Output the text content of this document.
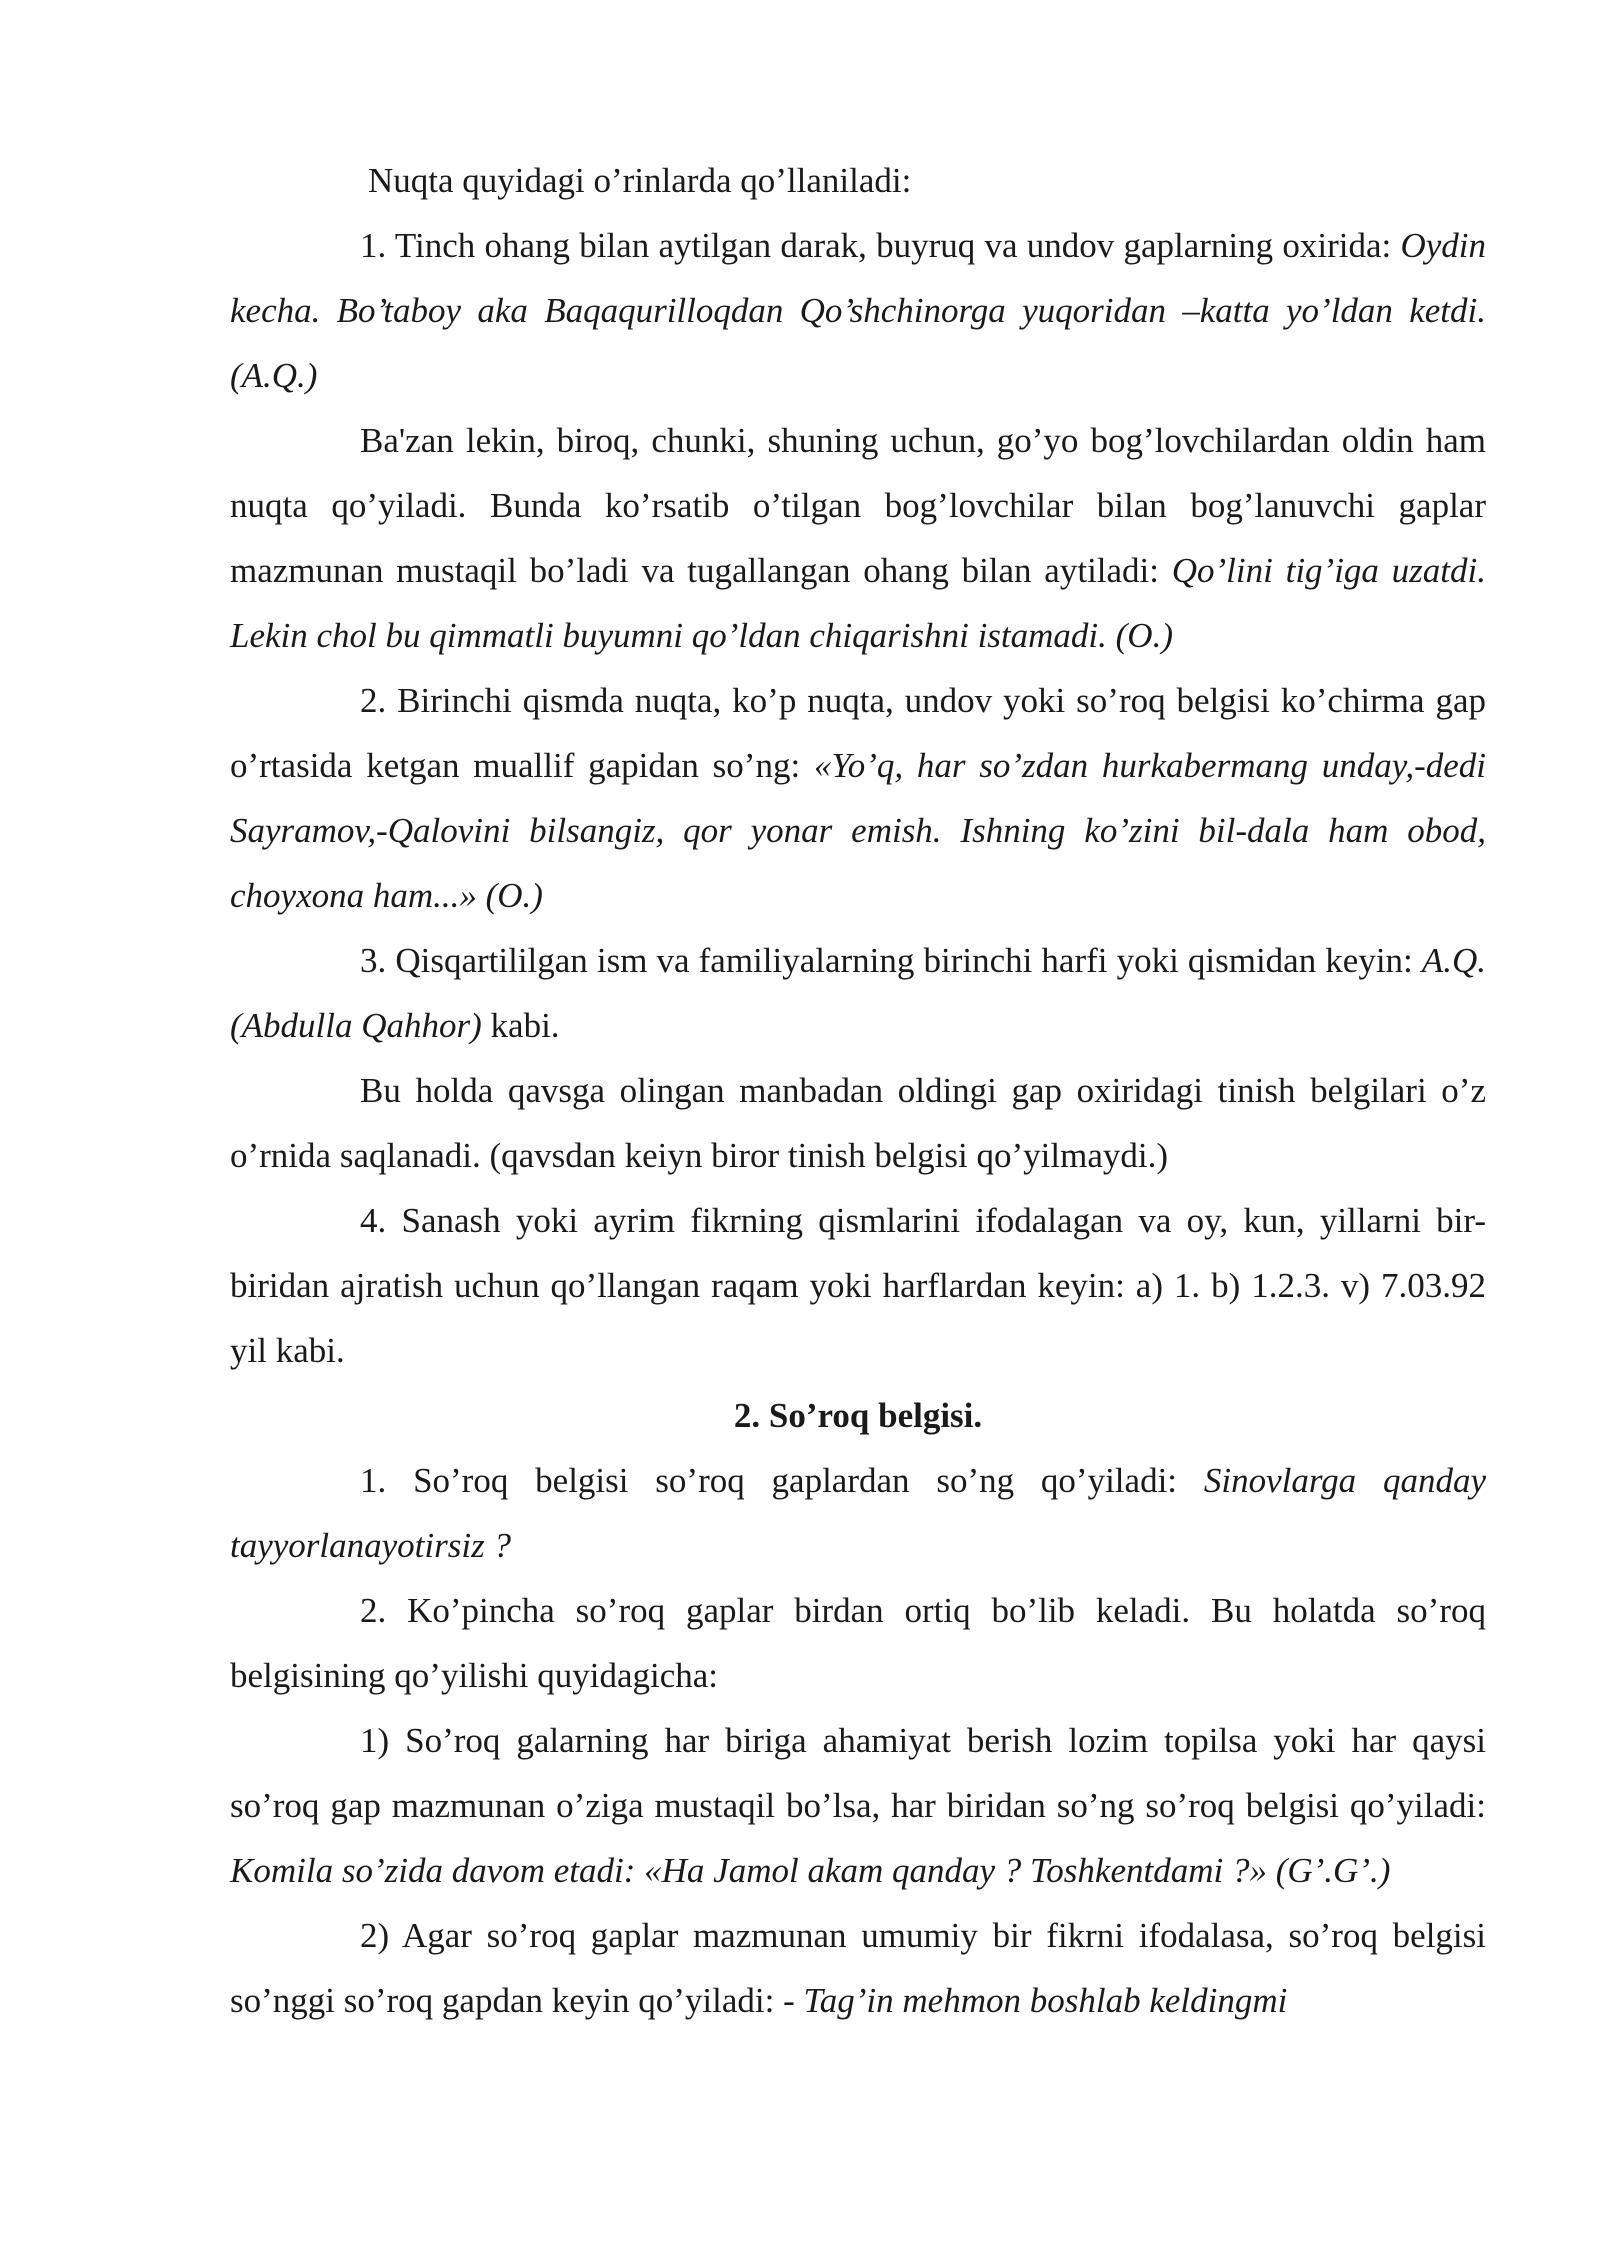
Nuqta quyidagi o’rinlarda qo’llaniladi:

1. Tinch ohang bilan aytilgan darak, buyruq va undov gaplarning oxirida: Oydin kecha. Bo’taboy aka Baqaqurilloqdan Qo’shchinorga yuqoridan –katta yo’ldan ketdi. (A.Q.)

Ba'zan lekin, biroq, chunki, shuning uchun, go’yo bog’lovchilardan oldin ham nuqta qo’yiladi. Bunda ko’rsatib o’tilgan bog’lovchilar bilan bog’lanuvchi gaplar mazmunan mustaqil bo’ladi va tugallangan ohang bilan aytiladi: Qo’lini tig’iga uzatdi. Lekin chol bu qimmatli buyumni qo’ldan chiqarishni istamadi. (O.)

2. Birinchi qismda nuqta, ko’p nuqta, undov yoki so’roq belgisi ko’chirma gap o’rtasida ketgan muallif gapidan so’ng: «Yo’q, har so’zdan hurkabermang unday,-dedi Sayramov,-Qalovini bilsangiz, qor yonar emish. Ishning ko’zini bil-dala ham obod, choyxona ham...» (O.)

3. Qisqartililgan ism va familiyalarning birinchi harfi yoki qismidan keyin: A.Q. (Abdulla Qahhor) kabi.

Bu holda qavsga olingan manbadan oldingi gap oxiridagi tinish belgilari o’z o’rnida saqlanadi. (qavsdan keiyn biror tinish belgisi qo’yilmaydi.)

4. Sanash yoki ayrim fikrning qismlarini ifodalagan va oy, kun, yillarni bir-biridan ajratish uchun qo’llangan raqam yoki harflardan keyin: a) 1. b) 1.2.3. v) 7.03.92 yil kabi.

2. So’roq belgisi.

1. So’roq belgisi so’roq gaplardan so’ng qo’yiladi: Sinovlarga qanday tayyorlanayotirsiz ?

2. Ko’pincha so’roq gaplar birdan ortiq bo’lib keladi. Bu holatda so’roq belgisining qo’yilishi quyidagicha:

1) So’roq galarning har biriga ahamiyat berish lozim topilsa yoki har qaysi so’roq gap mazmunan o’ziga mustaqil bo’lsa, har biridan so’ng so’roq belgisi qo’yiladi: Komila so’zida davom etadi: «Ha Jamol akam qanday ? Toshkentdami ?» (G’.G’.)

2) Agar so’roq gaplar mazmunan umumiy bir fikrni ifodalasa, so’roq belgisi so’nggi so’roq gapdan keyin qo’yiladi: - Tag’in mehmon boshlab keldingmi
